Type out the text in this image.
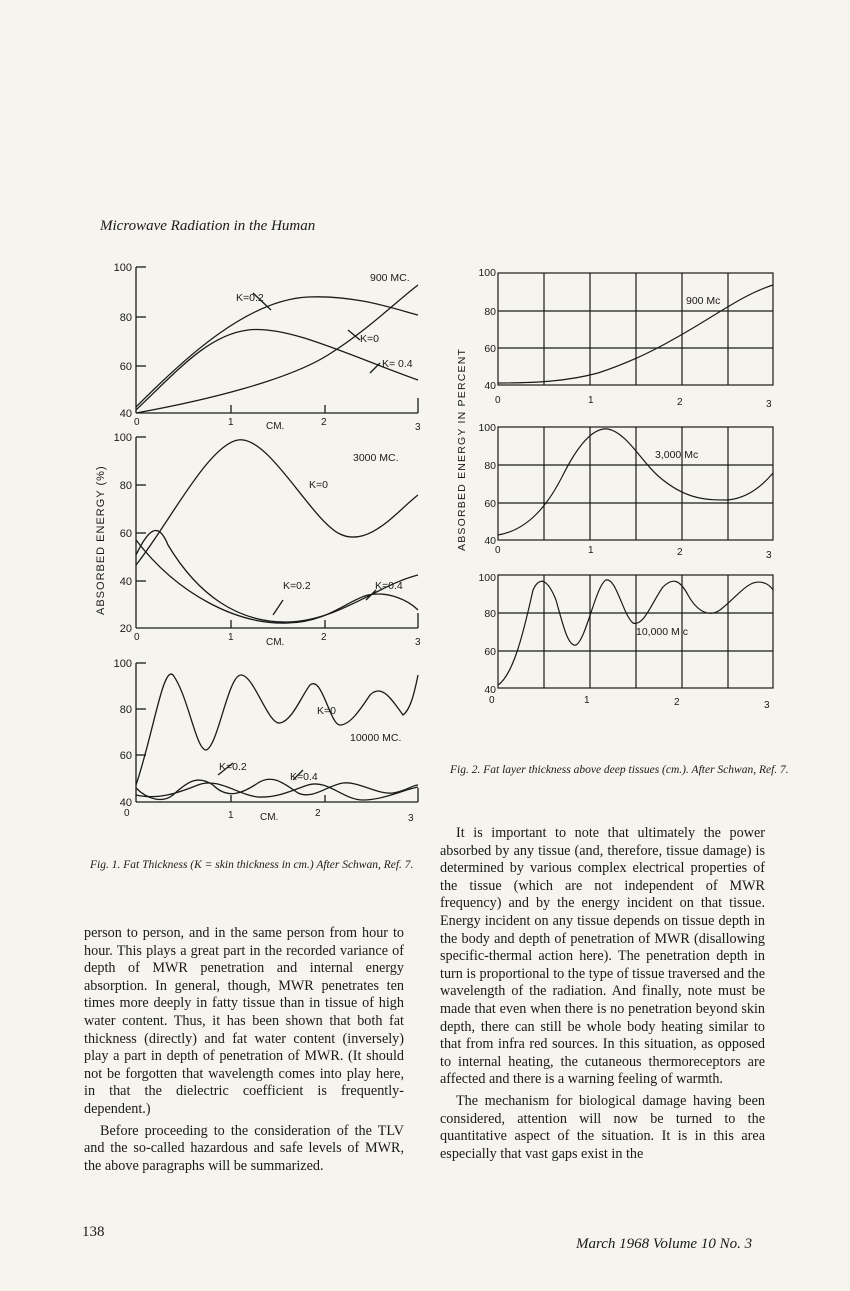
Microwave Radiation in the Human
100
80
60
40
0	1	2	3
CM.
900 MC.
K=0.2
K=0
K= 0.4
100
80
60
40
20
0	1	2	3
CM.
3000 MC.
K=0
K=0.2	K=0.4
100
80
60
40
0	1	2	3
CM.
10000 MC.
K=0
K=0.2
K=0.4
ABSORBED ENERGY (%)
100
80
60
40
0	1	2	3
900 Mc
100
80
60
40
0	1	2	3
3,000 Mc
100
80
60
40
0	1	2	3
10,000 M c
ABSORBED ENERGY IN PERCENT
Fig. 1. Fat Thickness (K = skin thickness in cm.) After Schwan, Ref. 7.
Fig. 2. Fat layer thickness above deep tissues (cm.). After Schwan, Ref. 7.

person to person, and in the same person from hour to hour. This plays a great part in the recorded variance of depth of MWR penetration and internal energy absorption. In general, though, MWR penetrates ten times more deeply in fatty tissue than in tissue of high water content. Thus, it has been shown that both fat thickness (directly) and fat water content (inversely) play a part in depth of penetration of MWR. (It should not be forgotten that wavelength comes into play here, in that the dielectric coefficient is frequently-dependent.)

Before proceeding to the consideration of the TLV and the so-called hazardous and safe levels of MWR, the above paragraphs will be summarized.

It is important to note that ultimately the power absorbed by any tissue (and, therefore, tissue damage) is determined by various complex electrical properties of the tissue (which are not independent of MWR frequency) and by the energy incident on that tissue. Energy incident on any tissue depends on tissue depth in the body and depth of penetration of MWR (disallowing specific-thermal action here). The penetration depth in turn is proportional to the type of tissue traversed and the wavelength of the radiation. And finally, note must be made that even when there is no penetration beyond skin depth, there can still be whole body heating similar to that from infra red sources. In this situation, as opposed to internal heating, the cutaneous thermoreceptors are affected and there is a warning feeling of warmth.

The mechanism for biological damage having been considered, attention will now be turned to the quantitative aspect of the situation. It is in this area especially that vast gaps exist in the

138
March 1968 Volume 10 No. 3
